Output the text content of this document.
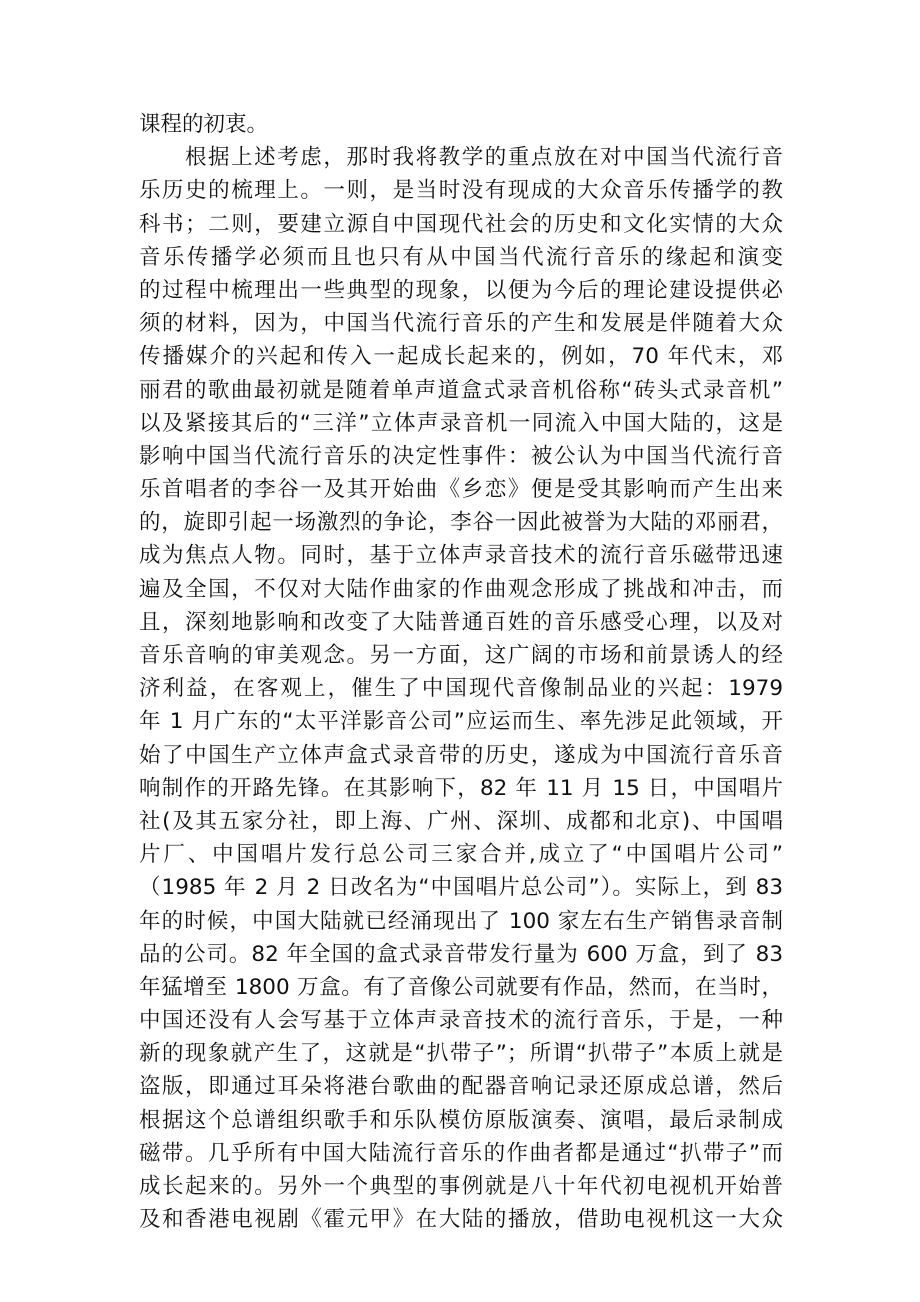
课程的初衷。
根据上述考虑，那时我将教学的重点放在对中国当代流行音
乐历史的梳理上。一则，是当时没有现成的大众音乐传播学的教
科书；二则，要建立源自中国现代社会的历史和文化实情的大众
音乐传播学必须而且也只有从中国当代流行音乐的缘起和演变
的过程中梳理出一些典型的现象，以便为今后的理论建设提供必
须的材料，因为，中国当代流行音乐的产生和发展是伴随着大众
传播媒介的兴起和传入一起成长起来的，例如，70 年代末，邓
丽君的歌曲最初就是随着单声道盒式录音机俗称“砖头式录音机”
以及紧接其后的“三洋”立体声录音机一同流入中国大陆的，这是
影响中国当代流行音乐的决定性事件：被公认为中国当代流行音
乐首唱者的李谷一及其开始曲《乡恋》便是受其影响而产生出来
的，旋即引起一场激烈的争论，李谷一因此被誉为大陆的邓丽君，
成为焦点人物。同时，基于立体声录音技术的流行音乐磁带迅速
遍及全国，不仅对大陆作曲家的作曲观念形成了挑战和冲击，而
且，深刻地影响和改变了大陆普通百姓的音乐感受心理，以及对
音乐音响的审美观念。另一方面，这广阔的市场和前景诱人的经
济利益，在客观上，催生了中国现代音像制品业的兴起：1979
年 1 月广东的“太平洋影音公司”应运而生、率先涉足此领域，开
始了中国生产立体声盒式录音带的历史，遂成为中国流行音乐音
响制作的开路先锋。在其影响下，82 年 11 月 15 日，中国唱片
社(及其五家分社，即上海、广州、深圳、成都和北京)、中国唱
片厂、中国唱片发行总公司三家合并,成立了“中国唱片公司”
（1985 年 2 月 2 日改名为“中国唱片总公司”）。实际上，到 83
年的时候，中国大陆就已经涌现出了 100 家左右生产销售录音制
品的公司。82 年全国的盒式录音带发行量为 600 万盒，到了 83
年猛增至 1800 万盒。有了音像公司就要有作品，然而，在当时，
中国还没有人会写基于立体声录音技术的流行音乐，于是，一种
新的现象就产生了，这就是“扒带子”；所谓“扒带子”本质上就是
盗版，即通过耳朵将港台歌曲的配器音响记录还原成总谱，然后
根据这个总谱组织歌手和乐队模仿原版演奏、演唱，最后录制成
磁带。几乎所有中国大陆流行音乐的作曲者都是通过“扒带子”而
成长起来的。另外一个典型的事例就是八十年代初电视机开始普
及和香港电视剧《霍元甲》在大陆的播放，借助电视机这一大众
